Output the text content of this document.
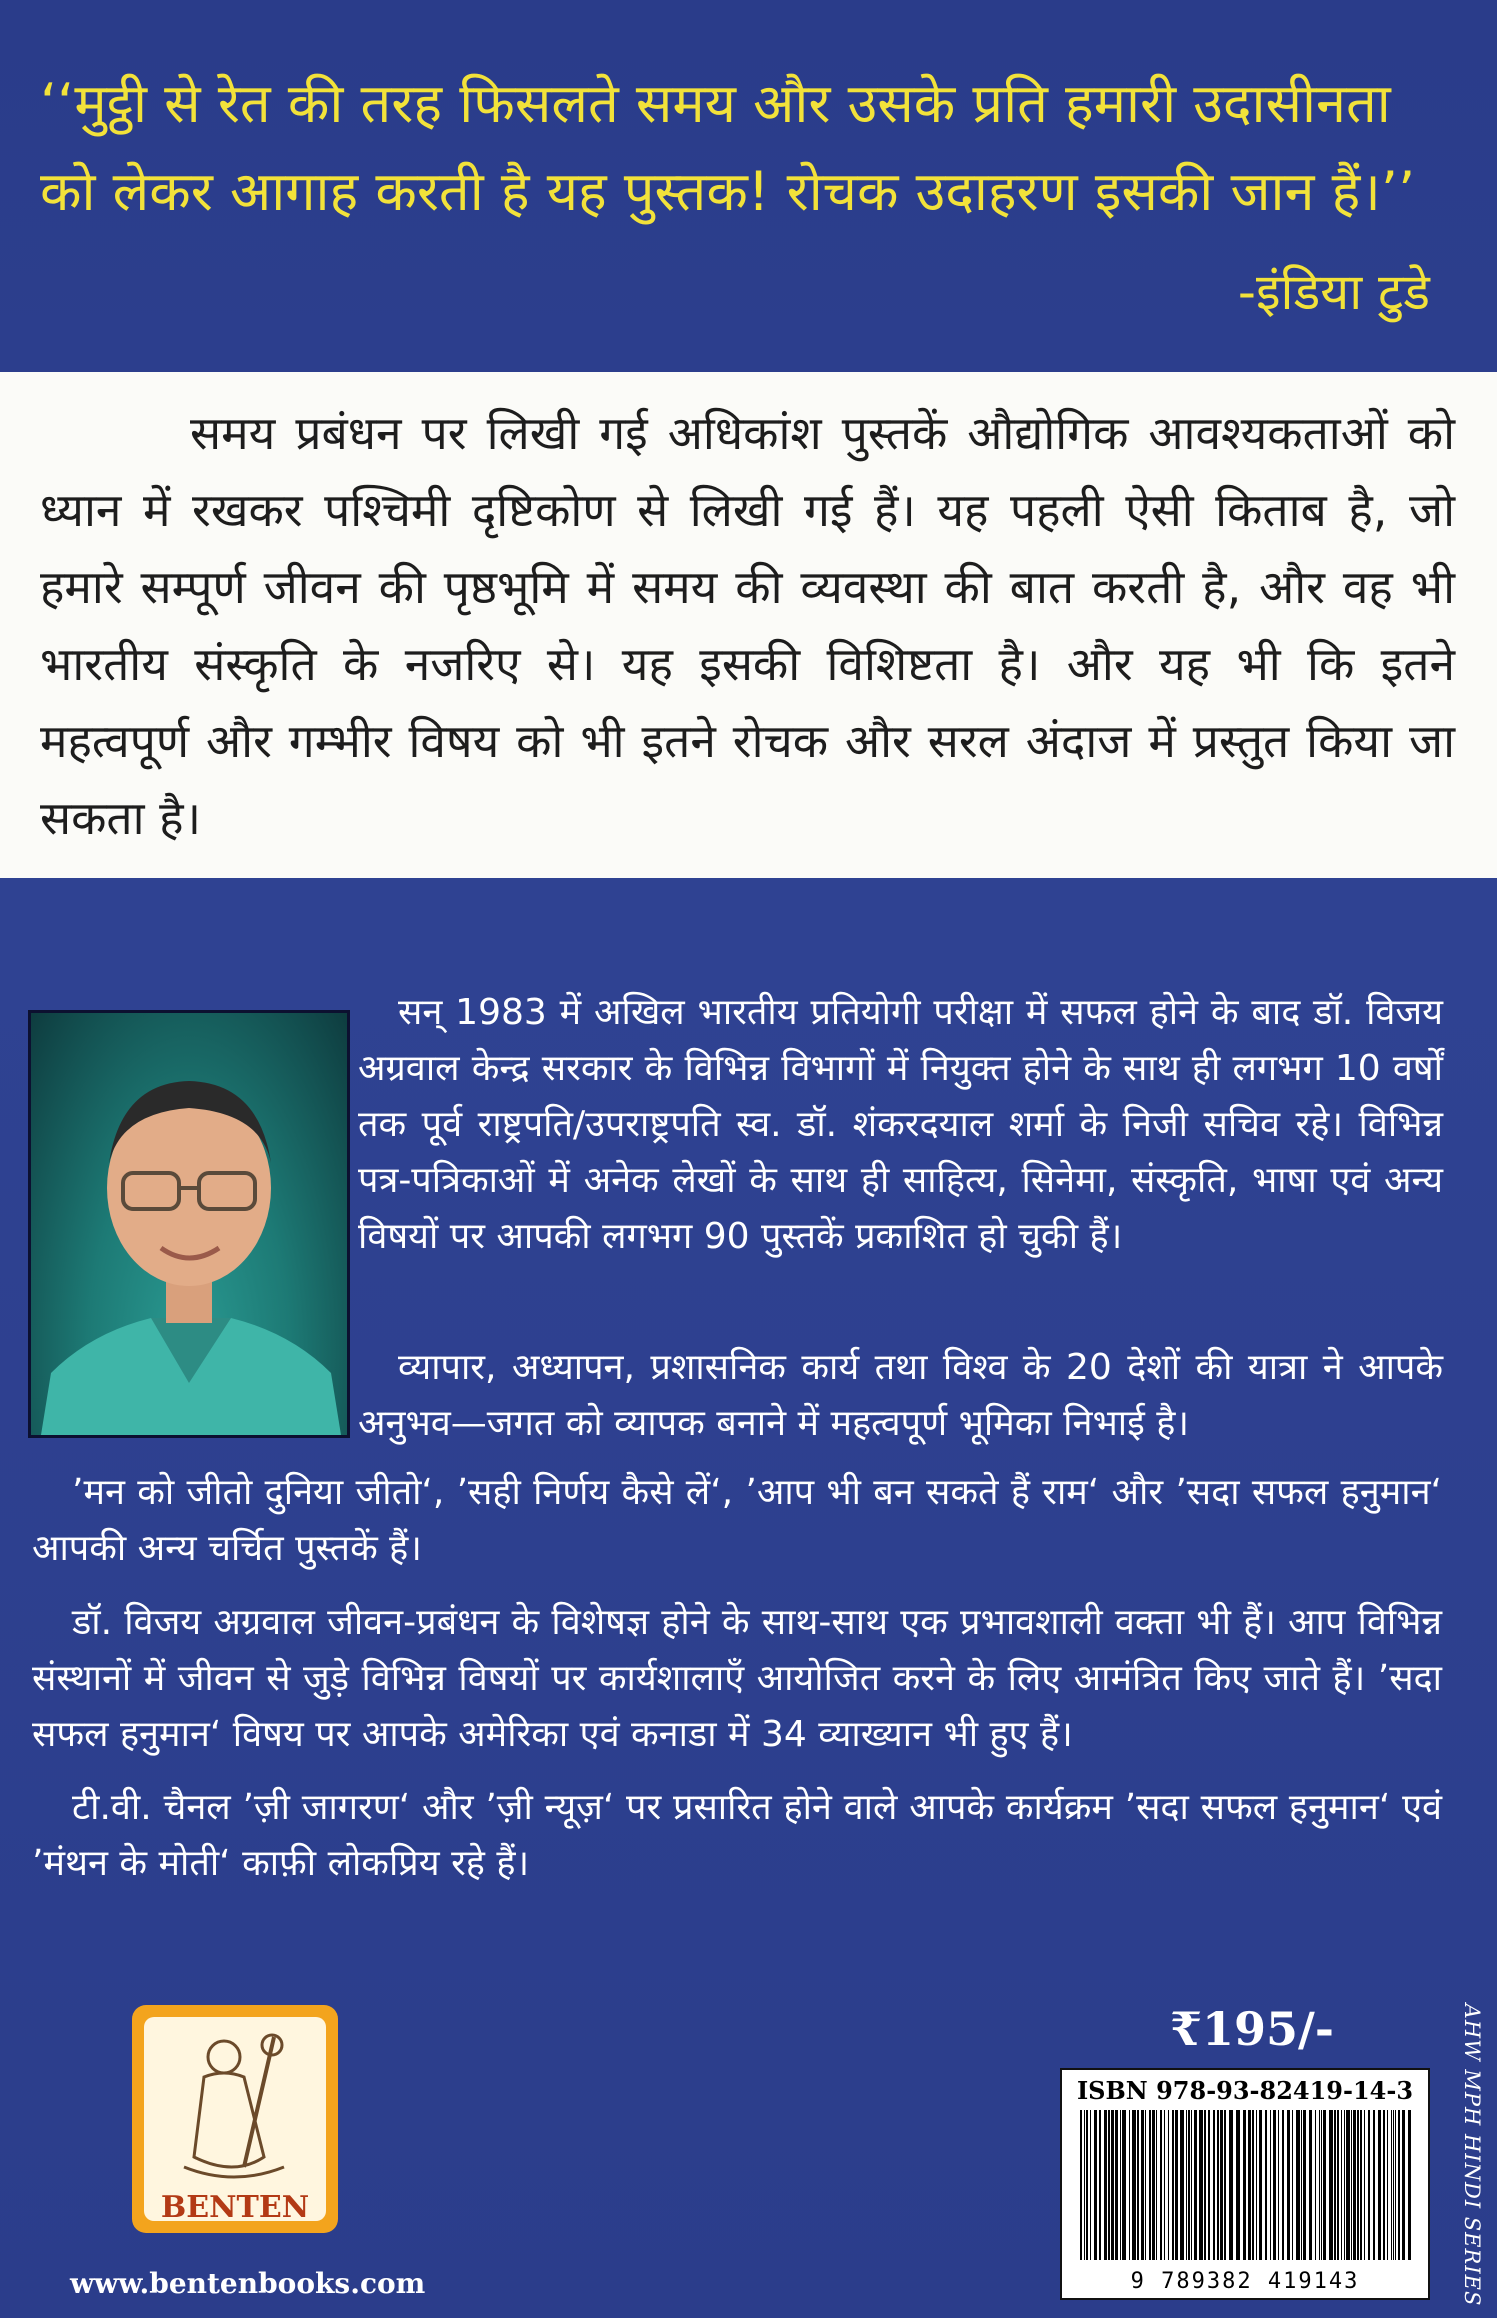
‘‘मुट्ठी से रेत की तरह फिसलते समय और उसके प्रति हमारी उदासीनता

को लेकर आगाह करती है यह पुस्तक! रोचक उदाहरण इसकी जान हैं।’’

-इंडिया टुडे

समय प्रबंधन पर लिखी गई अधिकांश पुस्तकें औद्योगिक आवश्यकताओं को ध्यान में रखकर पश्चिमी दृष्टिकोण से लिखी गई हैं। यह पहली ऐसी किताब है, जो हमारे सम्पूर्ण जीवन की पृष्ठभूमि में समय की व्यवस्था की बात करती है, और वह भी भारतीय संस्कृति के नजरिए से। यह इसकी विशिष्टता है। और यह भी कि इतने महत्वपूर्ण और गम्भीर विषय को भी इतने रोचक और सरल अंदाज में प्रस्तुत किया जा सकता है।

सन् 1983 में अखिल भारतीय प्रतियोगी परीक्षा में सफल होने के बाद डॉ. विजय अग्रवाल केन्द्र सरकार के विभिन्न विभागों में नियुक्त होने के साथ ही लगभग 10 वर्षों तक पूर्व राष्ट्रपति/उपराष्ट्रपति स्व. डॉ. शंकरदयाल शर्मा के निजी सचिव रहे। विभिन्न पत्र-पत्रिकाओं में अनेक लेखों के साथ ही साहित्य, सिनेमा, संस्कृति, भाषा एवं अन्य विषयों पर आपकी लगभग 90 पुस्तकें प्रकाशित हो चुकी हैं।

व्यापार, अध्यापन, प्रशासनिक कार्य तथा विश्व के 20 देशों की यात्रा ने आपके अनुभव—जगत को व्यापक बनाने में महत्वपूर्ण भूमिका निभाई है।

’मन को जीतो दुनिया जीतो‘, ’सही निर्णय कैसे लें‘, ’आप भी बन सकते हैं राम‘ और ’सदा सफल हनुमान‘ आपकी अन्य चर्चित पुस्तकें हैं।

डॉ. विजय अग्रवाल जीवन-प्रबंधन के विशेषज्ञ होने के साथ-साथ एक प्रभावशाली वक्ता भी हैं। आप विभिन्न संस्थानों में जीवन से जुड़े विभिन्न विषयों पर कार्यशालाएँ आयोजित करने के लिए आमंत्रित किए जाते हैं। ’सदा सफल हनुमान‘ विषय पर आपके अमेरिका एवं कनाडा में 34 व्याख्यान भी हुए हैं।

टी.वी. चैनल ’ज़ी जागरण‘ और ’ज़ी न्यूज़‘ पर प्रसारित होने वाले आपके कार्यक्रम ’सदा सफल हनुमान‘ एवं ’मंथन के मोती‘ काफ़ी लोकप्रिय रहे हैं।

BENTEN
www.bentenbooks.com
₹195/-
ISBN 978-93-82419-14-3
9 789382 419143	AHW MPH HINDI SERIES
